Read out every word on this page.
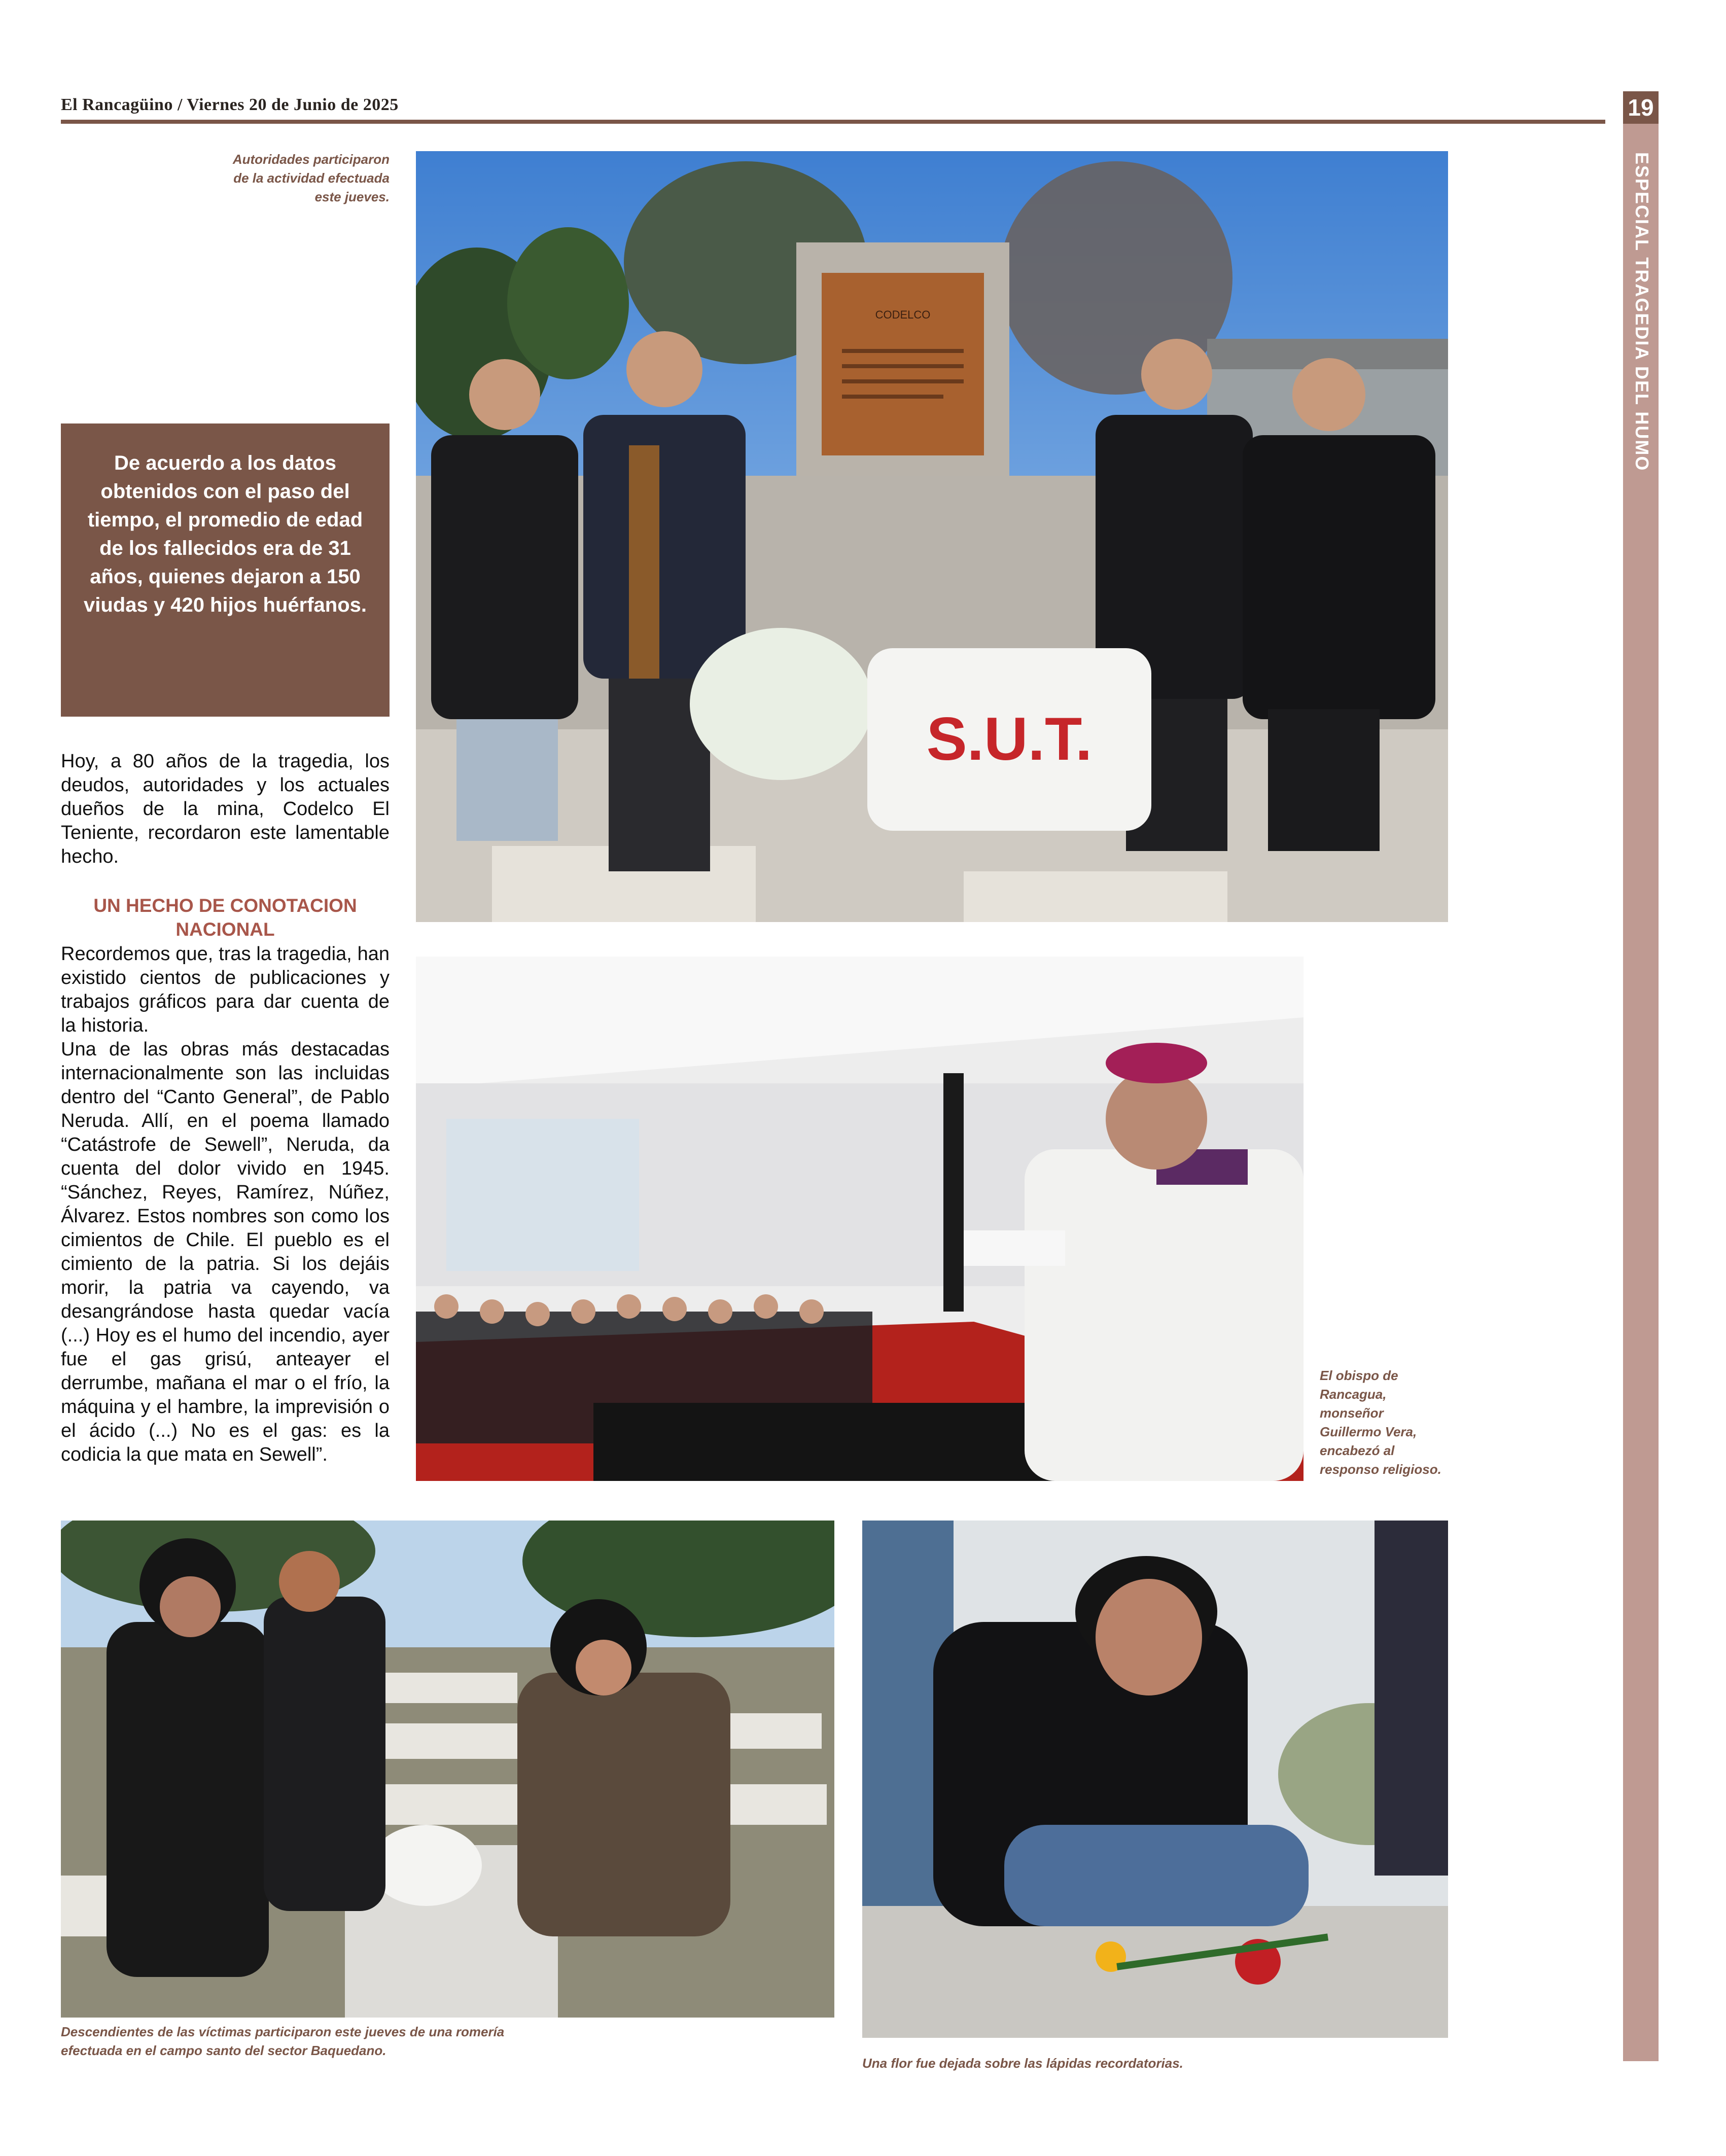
El Rancagüino / Viernes 20 de Junio de 2025	19
ESPECIAL TRAGEDIA DEL HUMO
Autoridades participaron
de la actividad efectuada
este jueves.
De acuerdo a los datos obtenidos con el paso del tiempo, el promedio de edad de los fallecidos era de 31 años, quienes dejaron a 150 viudas y 420 hijos huérfanos.
Hoy, a 80 años de la tragedia, los deudos, autoridades y los actuales dueños de la mina, Codelco El Teniente, recordaron este lamentable hecho.
UN HECHO DE CONOTACION NACIONAL
Recordemos que, tras la tragedia, han existido cientos de publicaciones y trabajos gráficos para dar cuenta de la historia.
Una de las obras más destacadas internacionalmente son las incluidas dentro del “Canto General”, de Pablo Neruda. Allí, en el poema llamado “Catástrofe de Sewell”, Neruda, da cuenta del dolor vivido en 1945. “Sánchez, Reyes, Ramírez, Núñez, Álvarez. Estos nombres son como los cimientos de Chile. El pueblo es el cimiento de la patria. Si los dejáis morir, la patria va cayendo, va desangrándose hasta quedar vacía (...) Hoy es el humo del incendio, ayer fue el gas grisú, anteayer el derrumbe, mañana el mar o el frío, la máquina y el hambre, la imprevisión o el ácido (...) No es el gas: es la codicia la que mata en Sewell”.
CODELCO
S.U.T.
El obispo de
Rancagua,
monseñor
Guillermo Vera,
encabezó al
responso religioso.
Descendientes de las víctimas participaron este jueves de una romería
efectuada en el campo santo del sector Baquedano.
Una flor fue dejada sobre las lápidas recordatorias.
